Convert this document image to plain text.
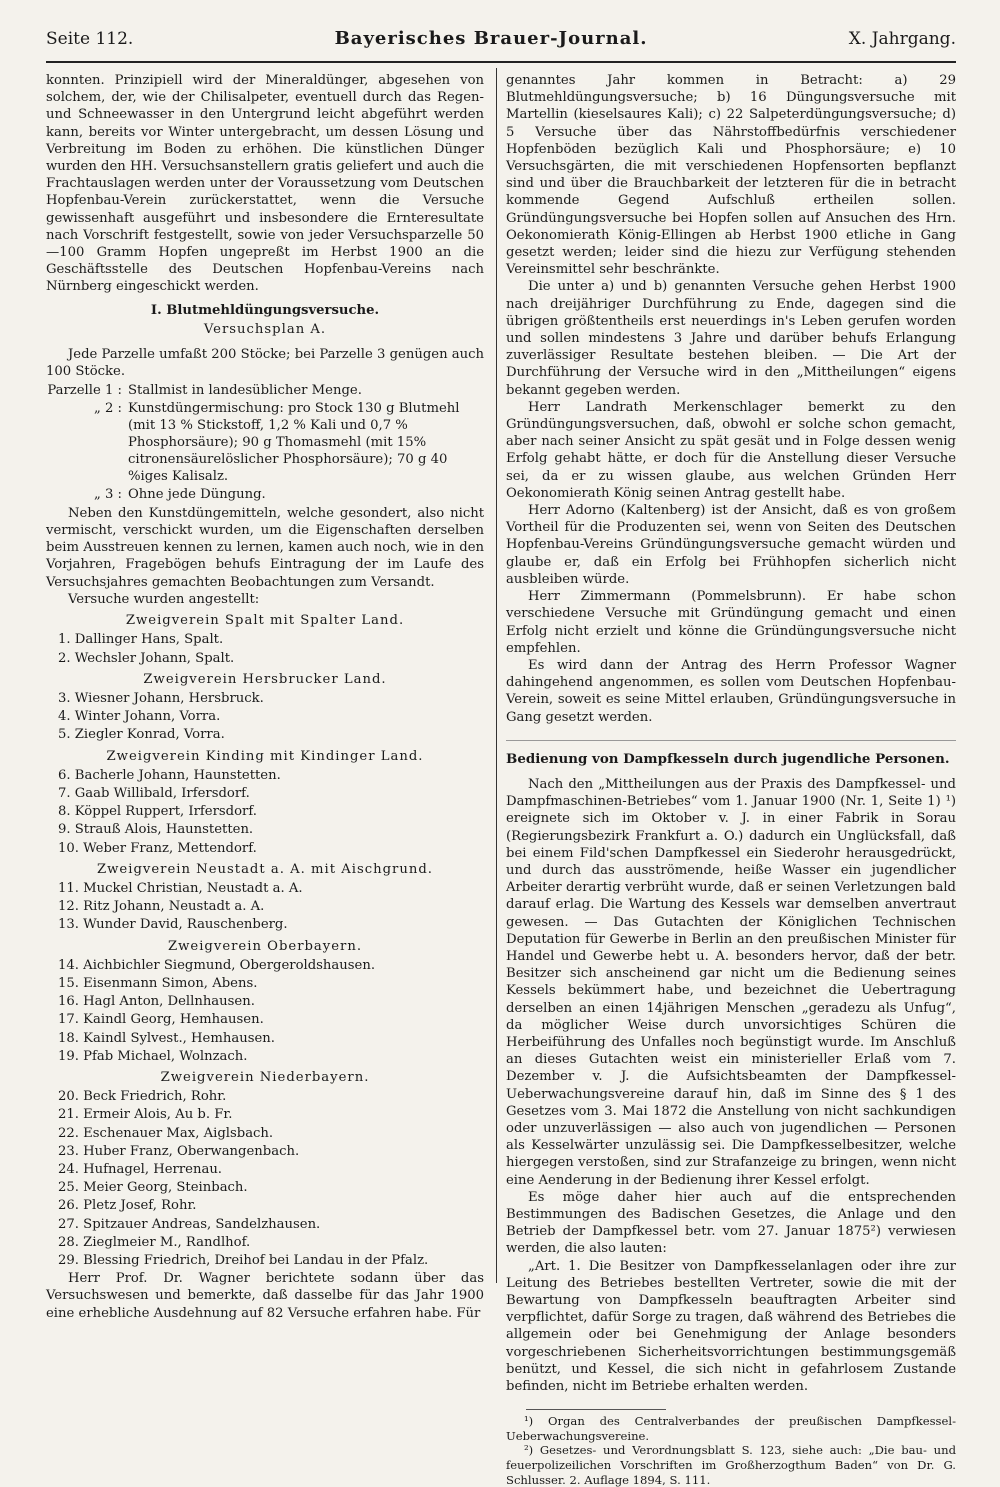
Seite 112.	Bayerisches Brauer-Journal.	X. Jahrgang.

konnten. Prinzipiell wird der Mineraldünger, abgesehen von solchem, der, wie der Chilisalpeter, eventuell durch das Regen- und Schneewasser in den Untergrund leicht abgeführt werden kann, bereits vor Winter untergebracht, um dessen Lösung und Verbreitung im Boden zu erhöhen. Die künstlichen Dünger wurden den HH. Versuchsanstellern gratis geliefert und auch die Frachtauslagen werden unter der Voraussetzung vom Deutschen Hopfenbau-Verein zurückerstattet, wenn die Versuche gewissenhaft ausgeführt und insbesondere die Ernteresultate nach Vorschrift festgestellt, sowie von jeder Versuchsparzelle 50—100 Gramm Hopfen ungepreßt im Herbst 1900 an die Geschäftsstelle des Deutschen Hopfenbau-Vereins nach Nürnberg eingeschickt werden.

I. Blutmehldüngungsversuche.
Versuchsplan A.

Jede Parzelle umfaßt 200 Stöcke; bei Parzelle 3 genügen auch 100 Stöcke.

Parzelle 1 : Stallmist in landesüblicher Menge.

„ 2 : Kunstdüngermischung: pro Stock 130 g Blutmehl (mit 13 % Stickstoff, 1,2 % Kali und 0,7 % Phosphorsäure); 90 g Thomasmehl (mit 15% citronensäurelöslicher Phosphorsäure); 70 g 40 %iges Kalisalz.

„ 3 : Ohne jede Düngung.

Neben den Kunstdüngemitteln, welche gesondert, also nicht vermischt, verschickt wurden, um die Eigenschaften derselben beim Ausstreuen kennen zu lernen, kamen auch noch, wie in den Vorjahren, Fragebögen behufs Eintragung der im Laufe des Versuchsjahres gemachten Beobachtungen zum Versandt.

Versuche wurden angestellt:

Zweigverein Spalt mit Spalter Land.
1. Dallinger Hans, Spalt.
2. Wechsler Johann, Spalt.
Zweigverein Hersbrucker Land.
3. Wiesner Johann, Hersbruck.
4. Winter Johann, Vorra.
5. Ziegler Konrad, Vorra.
Zweigverein Kinding mit Kindinger Land.
6. Bacherle Johann, Haunstetten.
7. Gaab Willibald, Irfersdorf.
8. Köppel Ruppert, Irfersdorf.
9. Strauß Alois, Haunstetten.
10. Weber Franz, Mettendorf.
Zweigverein Neustadt a. A. mit Aischgrund.
11. Muckel Christian, Neustadt a. A.
12. Ritz Johann, Neustadt a. A.
13. Wunder David, Rauschenberg.
Zweigverein Oberbayern.
14. Aichbichler Siegmund, Obergeroldshausen.
15. Eisenmann Simon, Abens.
16. Hagl Anton, Dellnhausen.
17. Kaindl Georg, Hemhausen.
18. Kaindl Sylvest., Hemhausen.
19. Pfab Michael, Wolnzach.
Zweigverein Niederbayern.
20. Beck Friedrich, Rohr.
21. Ermeir Alois, Au b. Fr.
22. Eschenauer Max, Aiglsbach.
23. Huber Franz, Oberwangenbach.
24. Hufnagel, Herrenau.
25. Meier Georg, Steinbach.
26. Pletz Josef, Rohr.
27. Spitzauer Andreas, Sandelzhausen.
28. Zieglmeier M., Randlhof.
29. Blessing Friedrich, Dreihof bei Landau in der Pfalz.

Herr Prof. Dr. Wagner berichtete sodann über das Versuchswesen und bemerkte, daß dasselbe für das Jahr 1900 eine erhebliche Ausdehnung auf 82 Versuche erfahren habe. Für

genanntes Jahr kommen in Betracht: a) 29 Blutmehldüngungsversuche; b) 16 Düngungsversuche mit Martellin (kieselsaures Kali); c) 22 Salpeterdüngungsversuche; d) 5 Versuche über das Nährstoffbedürfnis verschiedener Hopfenböden bezüglich Kali und Phosphorsäure; e) 10 Versuchsgärten, die mit verschiedenen Hopfensorten bepflanzt sind und über die Brauchbarkeit der letzteren für die in betracht kommende Gegend Aufschluß ertheilen sollen. Gründüngungsversuche bei Hopfen sollen auf Ansuchen des Hrn. Oekonomierath König-Ellingen ab Herbst 1900 etliche in Gang gesetzt werden; leider sind die hiezu zur Verfügung stehenden Vereinsmittel sehr beschränkte.

Die unter a) und b) genannten Versuche gehen Herbst 1900 nach dreijähriger Durchführung zu Ende, dagegen sind die übrigen größtentheils erst neuerdings in's Leben gerufen worden und sollen mindestens 3 Jahre und darüber behufs Erlangung zuverlässiger Resultate bestehen bleiben. — Die Art der Durchführung der Versuche wird in den „Mittheilungen“ eigens bekannt gegeben werden.

Herr Landrath Merkenschlager bemerkt zu den Gründüngungsversuchen, daß, obwohl er solche schon gemacht, aber nach seiner Ansicht zu spät gesät und in Folge dessen wenig Erfolg gehabt hätte, er doch für die Anstellung dieser Versuche sei, da er zu wissen glaube, aus welchen Gründen Herr Oekonomierath König seinen Antrag gestellt habe.

Herr Adorno (Kaltenberg) ist der Ansicht, daß es von großem Vortheil für die Produzenten sei, wenn von Seiten des Deutschen Hopfenbau-Vereins Gründüngungsversuche gemacht würden und glaube er, daß ein Erfolg bei Frühhopfen sicherlich nicht ausbleiben würde.

Herr Zimmermann (Pommelsbrunn). Er habe schon verschiedene Versuche mit Gründüngung gemacht und einen Erfolg nicht erzielt und könne die Gründüngungsversuche nicht empfehlen.

Es wird dann der Antrag des Herrn Professor Wagner dahingehend angenommen, es sollen vom Deutschen Hopfenbau-Verein, soweit es seine Mittel erlauben, Gründüngungsversuche in Gang gesetzt werden.

Bedienung von Dampfkesseln durch jugendliche Personen.

Nach den „Mittheilungen aus der Praxis des Dampfkessel- und Dampfmaschinen-Betriebes“ vom 1. Januar 1900 (Nr. 1, Seite 1) ¹) ereignete sich im Oktober v. J. in einer Fabrik in Sorau (Regierungsbezirk Frankfurt a. O.) dadurch ein Unglücksfall, daß bei einem Fild'schen Dampfkessel ein Siederohr herausgedrückt, und durch das ausströmende, heiße Wasser ein jugendlicher Arbeiter derartig verbrüht wurde, daß er seinen Verletzungen bald darauf erlag. Die Wartung des Kessels war demselben anvertraut gewesen. — Das Gutachten der Königlichen Technischen Deputation für Gewerbe in Berlin an den preußischen Minister für Handel und Gewerbe hebt u. A. besonders hervor, daß der betr. Besitzer sich anscheinend gar nicht um die Bedienung seines Kessels bekümmert habe, und bezeichnet die Uebertragung derselben an einen 14jährigen Menschen „geradezu als Unfug“, da möglicher Weise durch unvorsichtiges Schüren die Herbeiführung des Unfalles noch begünstigt wurde. Im Anschluß an dieses Gutachten weist ein ministerieller Erlaß vom 7. Dezember v. J. die Aufsichtsbeamten der Dampfkessel-Ueberwachungsvereine darauf hin, daß im Sinne des § 1 des Gesetzes vom 3. Mai 1872 die Anstellung von nicht sachkundigen oder unzuverlässigen — also auch von jugendlichen — Personen als Kesselwärter unzulässig sei. Die Dampfkesselbesitzer, welche hiergegen verstoßen, sind zur Strafanzeige zu bringen, wenn nicht eine Aenderung in der Bedienung ihrer Kessel erfolgt.

Es möge daher hier auch auf die entsprechenden Bestimmungen des Badischen Gesetzes, die Anlage und den Betrieb der Dampfkessel betr. vom 27. Januar 1875²) verwiesen werden, die also lauten:

„Art. 1. Die Besitzer von Dampfkesselanlagen oder ihre zur Leitung des Betriebes bestellten Vertreter, sowie die mit der Bewartung von Dampfkesseln beauftragten Arbeiter sind verpflichtet, dafür Sorge zu tragen, daß während des Betriebes die allgemein oder bei Genehmigung der Anlage besonders vorgeschriebenen Sicherheitsvorrichtungen bestimmungsgemäß benützt, und Kessel, die sich nicht in gefahrlosem Zustande befinden, nicht im Betriebe erhalten werden.

¹) Organ des Centralverbandes der preußischen Dampfkessel-Ueberwachungsvereine.

²) Gesetzes- und Verordnungsblatt S. 123, siehe auch: „Die bau- und feuerpolizeilichen Vorschriften im Großherzogthum Baden“ von Dr. G. Schlusser. 2. Auflage 1894, S. 111.
